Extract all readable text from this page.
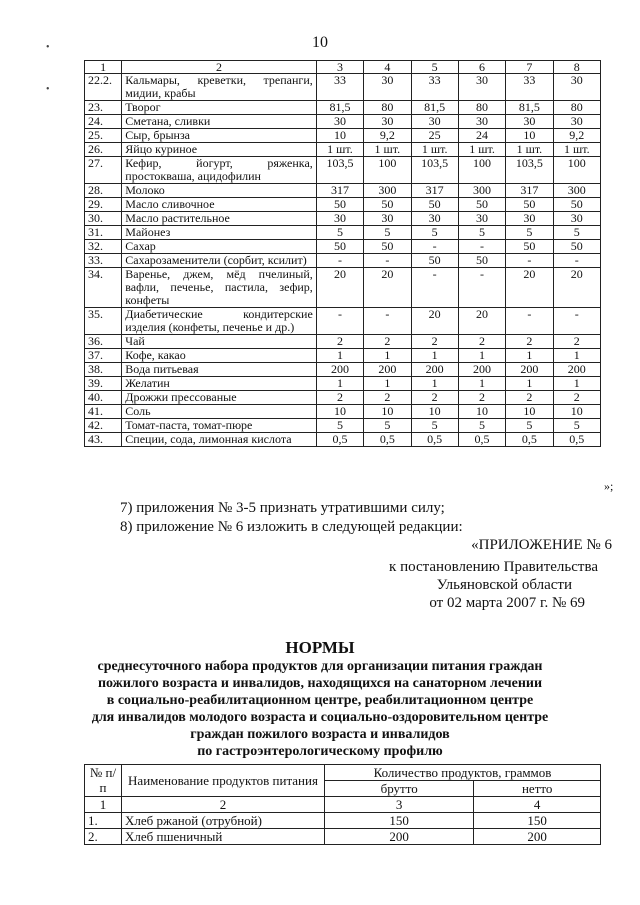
10
•
•
1	2	3	4	5	6	7	8
22.2.	Кальмары, креветки, трепанги, мидии, крабы	33	30	33	30	33	30
23.	Творог	81,5	80	81,5	80	81,5	80
24.	Сметана, сливки	30	30	30	30	30	30
25.	Сыр, брынза	10	9,2	25	24	10	9,2
26.	Яйцо куриное	1 шт.	1 шт.	1 шт.	1 шт.	1 шт.	1 шт.
27.	Кефир, йогурт, ряженка, простокваша, ацидофилин	103,5	100	103,5	100	103,5	100
28.	Молоко	317	300	317	300	317	300
29.	Масло сливочное	50	50	50	50	50	50
30.	Масло растительное	30	30	30	30	30	30
31.	Майонез	5	5	5	5	5	5
32.	Сахар	50	50	-	-	50	50
33.	Сахарозаменители (сорбит, ксилит)	-	-	50	50	-	-
34.	Варенье, джем, мёд пчелиный, вафли, печенье, пастила, зефир, конфеты	20	20	-	-	20	20
35.	Диабетические кондитерские изделия (конфеты, печенье и др.)	-	-	20	20	-	-
36.	Чай	2	2	2	2	2	2
37.	Кофе, какао	1	1	1	1	1	1
38.	Вода питьевая	200	200	200	200	200	200
39.	Желатин	1	1	1	1	1	1
40.	Дрожжи прессованые	2	2	2	2	2	2
41.	Соль	10	10	10	10	10	10
42.	Томат-паста, томат-пюре	5	5	5	5	5	5
43.	Специи, сода, лимонная кислота	0,5	0,5	0,5	0,5	0,5	0,5
»;
7) приложения № 3-5 признать утратившими силу;
8) приложение № 6 изложить в следующей редакции:
«ПРИЛОЖЕНИЕ № 6
к постановлению Правительства
Ульяновской области
от 02 марта 2007 г. № 69
НОРМЫ
среднесуточного набора продуктов для организации питания граждан
пожилого возраста и инвалидов, находящихся на санаторном лечении
в социально-реабилитационном центре, реабилитационном центре
для инвалидов молодого возраста и социально-оздоровительном центре
граждан пожилого возраста и инвалидов
по гастроэнтерологическому профилю
№ п/п	Наименование продуктов питания	Количество продуктов, граммов	
		брутто	нетто
1	2	3	4
1.	Хлеб ржаной (отрубной)	150	150
2.	Хлеб пшеничный	200	200
